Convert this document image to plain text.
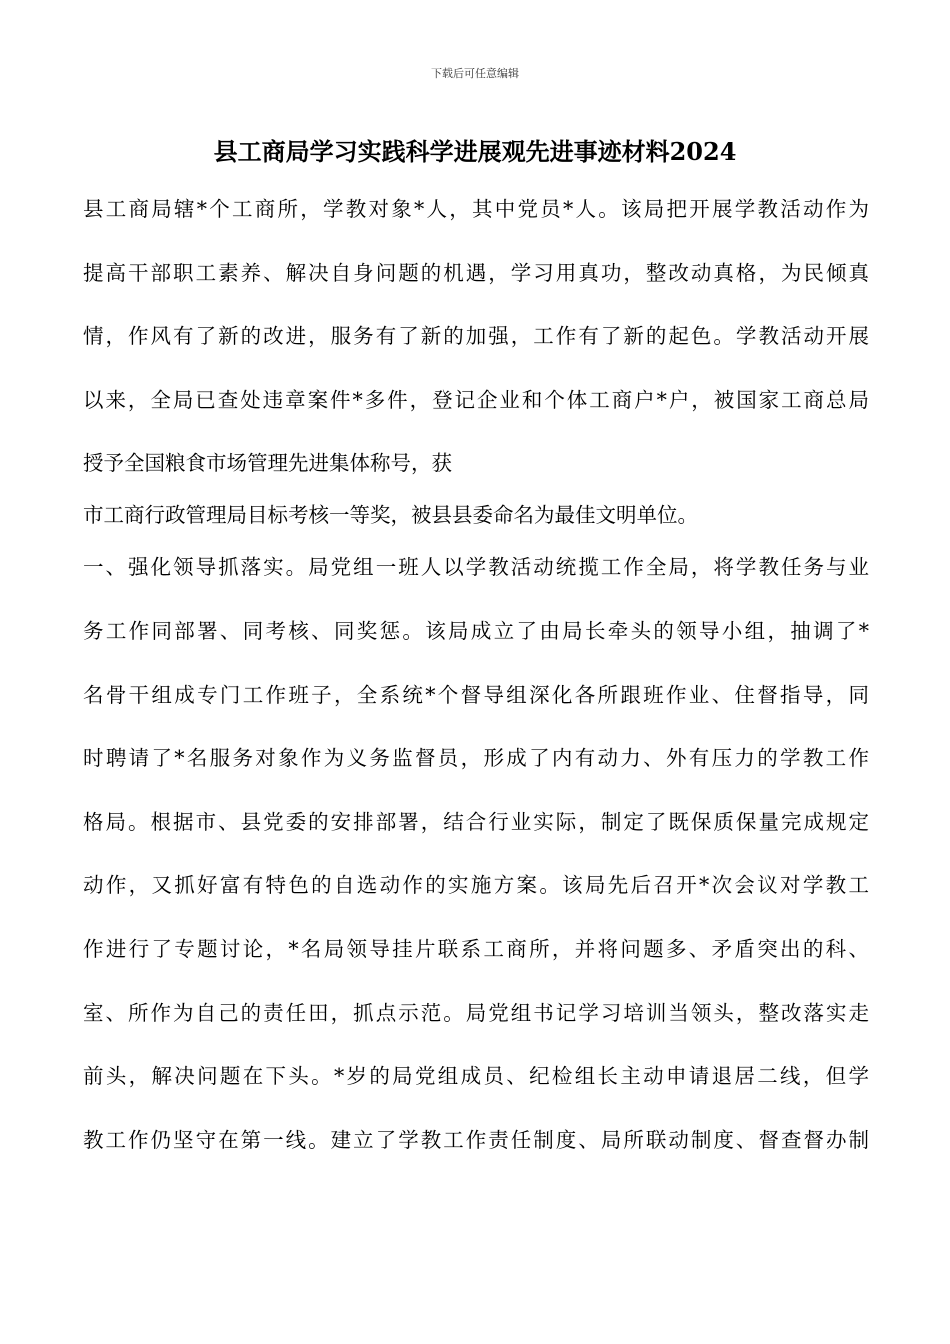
下载后可任意编辑
县工商局学习实践科学进展观先进事迹材料2024
县工商局辖*个工商所，学教对象*人，其中党员*人。该局把开展学教活动作为
提高干部职工素养、解决自身问题的机遇，学习用真功，整改动真格，为民倾真
情，作风有了新的改进，服务有了新的加强，工作有了新的起色。学教活动开展
以来，全局已查处违章案件*多件，登记企业和个体工商户*户，被国家工商总局
授予全国粮食市场管理先进集体称号，获
市工商行政管理局目标考核一等奖，被县县委命名为最佳文明单位。
一、强化领导抓落实。局党组一班人以学教活动统揽工作全局，将学教任务与业
务工作同部署、同考核、同奖惩。该局成立了由局长牵头的领导小组，抽调了*
名骨干组成专门工作班子，全系统*个督导组深化各所跟班作业、住督指导，同
时聘请了*名服务对象作为义务监督员，形成了内有动力、外有压力的学教工作
格局。根据市、县党委的安排部署，结合行业实际，制定了既保质保量完成规定
动作，又抓好富有特色的自选动作的实施方案。该局先后召开*次会议对学教工
作进行了专题讨论，*名局领导挂片联系工商所，并将问题多、矛盾突出的科、
室、所作为自己的责任田，抓点示范。局党组书记学习培训当领头，整改落实走
前头，解决问题在下头。*岁的局党组成员、纪检组长主动申请退居二线，但学
教工作仍坚守在第一线。建立了学教工作责任制度、局所联动制度、督查督办制
